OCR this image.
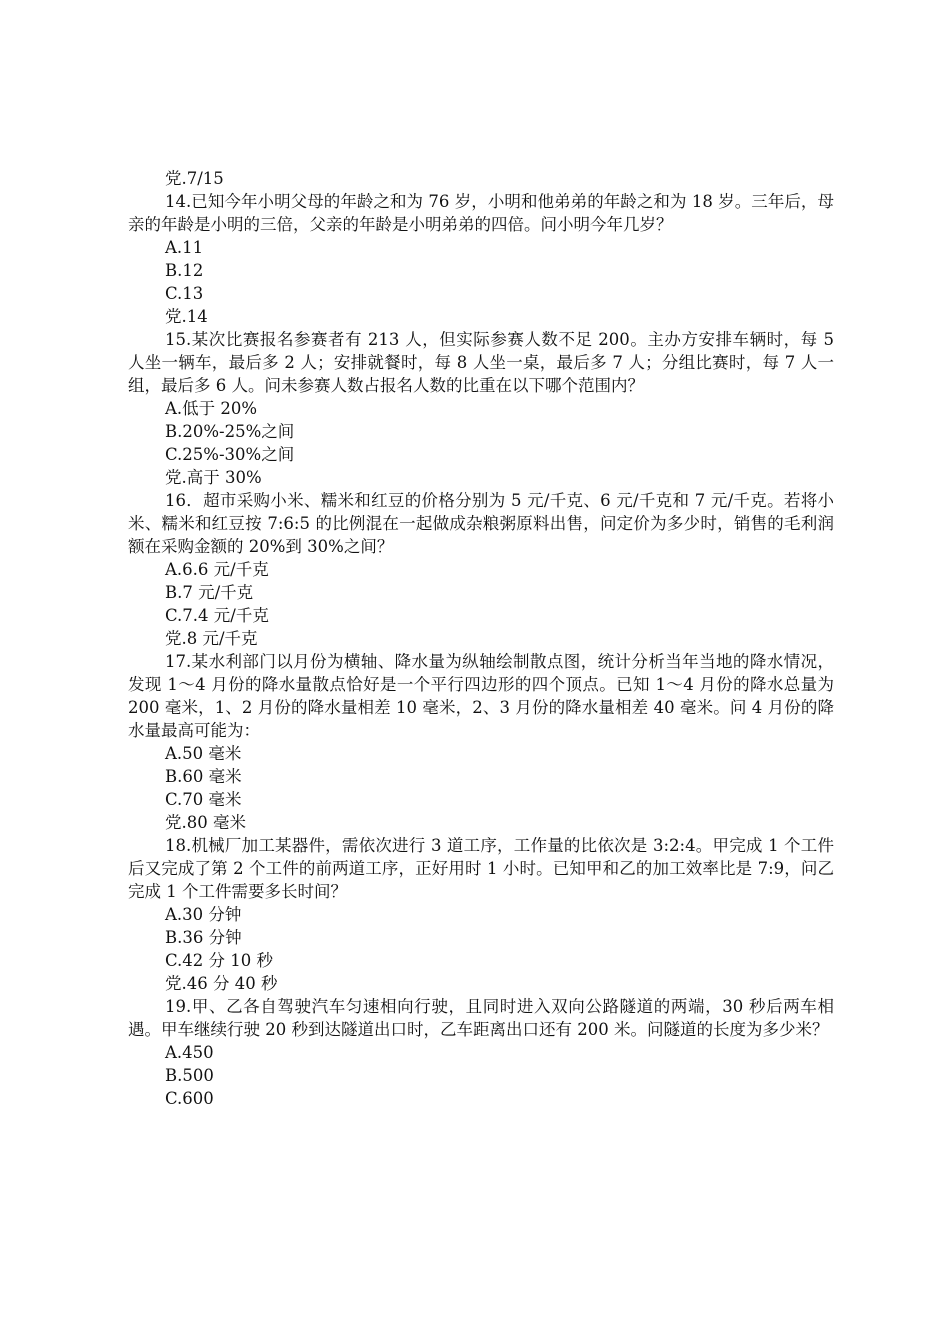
党.7/15

14.已知今年小明父母的年龄之和为 76 岁，小明和他弟弟的年龄之和为 18 岁。三年后，母亲的年龄是小明的三倍，父亲的年龄是小明弟弟的四倍。问小明今年几岁？

A.11

B.12

C.13

党.14

15.某次比赛报名参赛者有 213 人，但实际参赛人数不足 200。主办方安排车辆时，每 5 人坐一辆车，最后多 2 人；安排就餐时，每 8 人坐一桌，最后多 7 人；分组比赛时，每 7 人一组，最后多 6 人。问未参赛人数占报名人数的比重在以下哪个范围内？

A.低于 20%

B.20%-25%之间

C.25%-30%之间

党.高于 30%

16．超市采购小米、糯米和红豆的价格分别为 5 元/千克、6 元/千克和 7 元/千克。若将小米、糯米和红豆按 7:6:5 的比例混在一起做成杂粮粥原料出售，问定价为多少时，销售的毛利润额在采购金额的 20%到 30%之间？

A.6.6 元/千克

B.7 元/千克

C.7.4 元/千克

党.8 元/千克

17.某水利部门以月份为横轴、降水量为纵轴绘制散点图，统计分析当年当地的降水情况，发现 1～4 月份的降水量散点恰好是一个平行四边形的四个顶点。已知 1～4 月份的降水总量为 200 毫米，1、2 月份的降水量相差 10 毫米，2、3 月份的降水量相差 40 毫米。问 4 月份的降水量最高可能为：

A.50 毫米

B.60 毫米

C.70 毫米

党.80 毫米

18.机械厂加工某器件，需依次进行 3 道工序，工作量的比依次是 3:2:4。甲完成 1 个工件后又完成了第 2 个工件的前两道工序，正好用时 1 小时。已知甲和乙的加工效率比是 7:9，问乙完成 1 个工件需要多长时间？

A.30 分钟

B.36 分钟

C.42 分 10 秒

党.46 分 40 秒

19.甲、乙各自驾驶汽车匀速相向行驶，且同时进入双向公路隧道的两端，30 秒后两车相遇。甲车继续行驶 20 秒到达隧道出口时，乙车距离出口还有 200 米。问隧道的长度为多少米？

A.450

B.500

C.600
